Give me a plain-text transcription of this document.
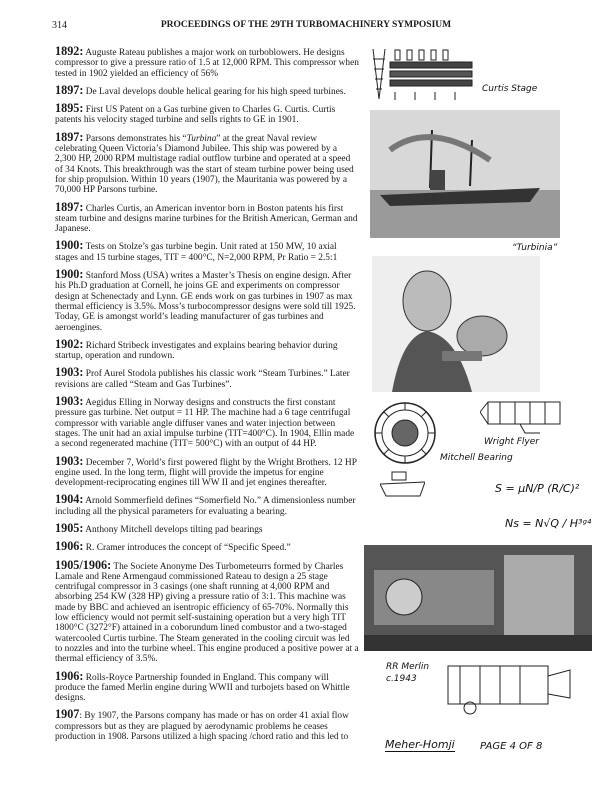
314	PROCEEDINGS OF THE 29TH TURBOMACHINERY SYMPOSIUM
1892: Auguste Rateau publishes a major work on turboblowers. He designs compressor to give a pressure ratio of 1.5 at 12,000 RPM. This compressor when tested in 1902 yielded an efficiency of 56%
1897: De Laval develops double helical gearing for his high speed turbines.
1895: First US Patent on a Gas turbine given to Charles G. Curtis. Curtis patents his velocity staged turbine and sells rights to GE in 1901.
1897: Parsons demonstrates his “Turbina” at the great Naval review celebrating Queen Victoria’s Diamond Jubilee. This ship was powered by a 2,300 HP, 2000 RPM multistage radial outflow turbine and operated at a speed of 34 Knots. This breakthrough was the start of steam turbine power being used for ship propulsion. Within 10 years (1907), the Mauritania was powered by a 70,000 HP Parsons turbine.
1897: Charles Curtis, an American inventor born in Boston patents his first steam turbine and designs marine turbines for the British American, German and Japanese.
1900: Tests on Stolze’s gas turbine begin. Unit rated at 150 MW, 10 axial stages and 15 turbine stages, TIT = 400°C, N=2,000 RPM, Pr Ratio = 2.5:1
1900: Stanford Moss (USA) writes a Master’s Thesis on engine design. After his Ph.D graduation at Cornell, he joins GE and experiments on compressor design at Schenectady and Lynn. GE ends work on gas turbines in 1907 as max thermal efficiency is 3.5%. Moss’s turbocompressor designs were sold till 1925. Today, GE is amongst world’s leading manufacturer of gas turbines and aeroengines.
1902: Richard Stribeck investigates and explains bearing behavior during startup, operation and rundown.
1903: Prof Aurel Stodola publishes his classic work “Steam Turbines.” Later revisions are called “Steam and Gas Turbines”.
1903: Aegidus Elling in Norway designs and constructs the first constant pressure gas turbine. Net output = 11 HP. The machine had a 6 tage centrifugal compressor with variable angle diffuser vanes and water injection between stages. The unit had an axial impulse turbine (TIT=400°C). In 1904, Ellin made a second regenerated machine (TIT= 500°C) with an output of 44 HP.
1903: December 7, World’s first powered flight by the Wright Brothers. 12 HP engine used. In the long term, flight will provide the impetus for engine development-reciprocating engines till WW II and jet engines thereafter.
1904: Arnold Sommerfield defines “Somerfield No.” A dimensionless number including all the physical parameters for evaluating a bearing.
1905: Anthony Mitchell develops tilting pad bearings
1906: R. Cramer introduces the concept of “Specific Speed.”
1905/1906: The Societe Anonyme Des Turbometeurrs formed by Charles Lamale and Rene Armengaud commissioned Rateau to design a 25 stage centrifugal compressor in 3 casings (one shaft running at 4,000 RPM and absorbing 254 KW (328 HP) giving a pressure ratio of 3:1. This machine was made by BBC and achieved an isentropic efficiency of 65-70%. Normally this low efficiency would not permit self-sustaining operation but a very high TIT 1800°C (3272°F) attained in a coborundum lined combustor and a two-staged watercooled Curtis turbine. The Steam generated in the cooling circuit was led to nozzles and into the turbine wheel. This engine produced a positive power at a thermal efficiency of 3.5%.
1906: Rolls-Royce Partnership founded in England. This company will produce the famed Merlin engine during WWII and turbojets based on Whittle designs.
1907: By 1907, the Parsons company has made or has on order 41 axial flow compressors but as they are plagued by aerodynamic problems he ceases production in 1908. Parsons utilized a high spacing /chord ratio and this led to
Curtis Stage
“Turbinia”
Wright Flyer
Mitchell Bearing
S = μN/P (R/C)²
Ns = N√Q / H³ᵍ⁴
RR Merlin
c.1943
Meher-Homji	PAGE 4 OF 8
